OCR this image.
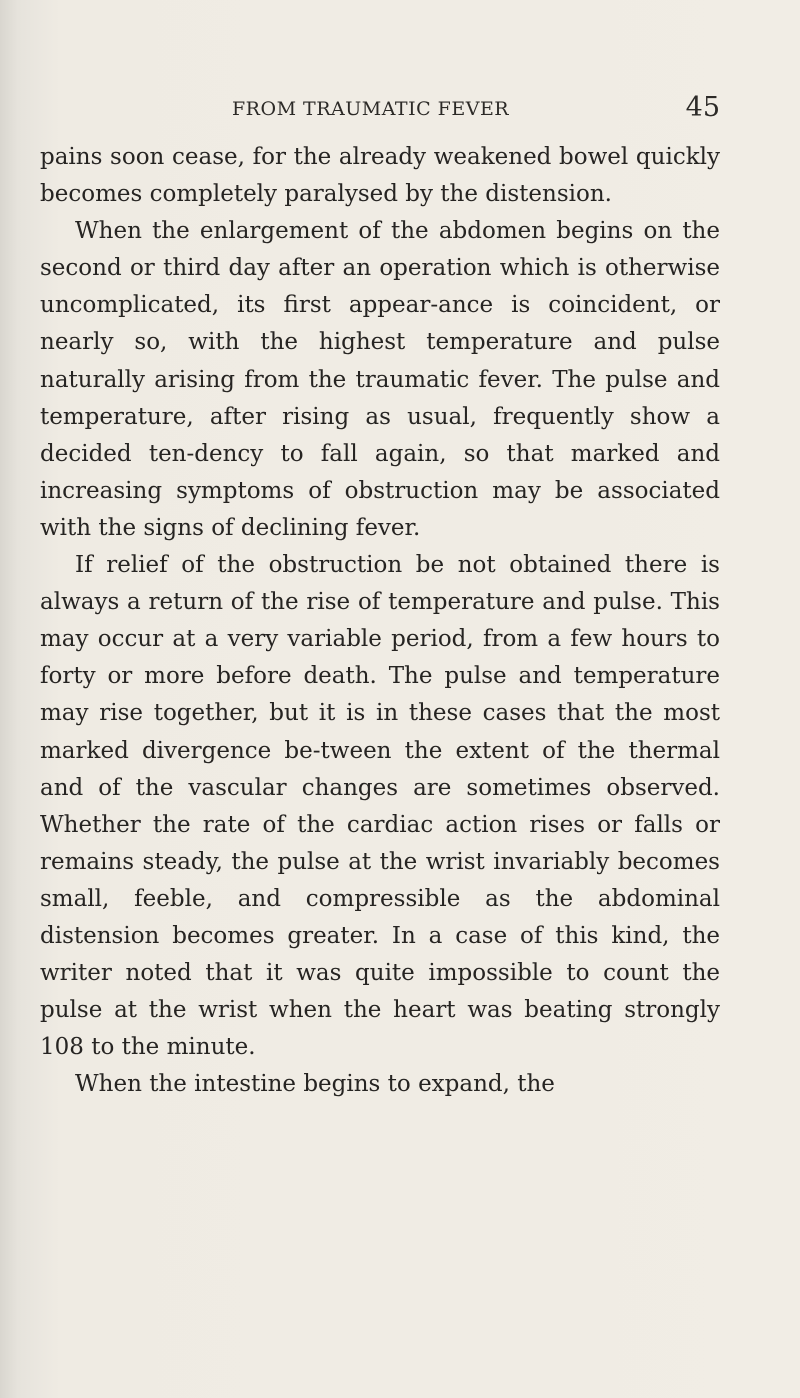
FROM TRAUMATIC FEVER	45

pains soon cease, for the already weakened bowel quickly becomes completely paralysed by the distension.

When the enlargement of the abdomen begins on the second or third day after an operation which is otherwise uncomplicated, its first appear-ance is coincident, or nearly so, with the highest temperature and pulse naturally arising from the traumatic fever. The pulse and temperature, after rising as usual, frequently show a decided ten-dency to fall again, so that marked and increasing symptoms of obstruction may be associated with the signs of declining fever.

If relief of the obstruction be not obtained there is always a return of the rise of temperature and pulse. This may occur at a very variable period, from a few hours to forty or more before death. The pulse and temperature may rise together, but it is in these cases that the most marked divergence be-tween the extent of the thermal and of the vascular changes are sometimes observed. Whether the rate of the cardiac action rises or falls or remains steady, the pulse at the wrist invariably becomes small, feeble, and compressible as the abdominal distension becomes greater. In a case of this kind, the writer noted that it was quite impossible to count the pulse at the wrist when the heart was beating strongly 108 to the minute.

When the intestine begins to expand, the
